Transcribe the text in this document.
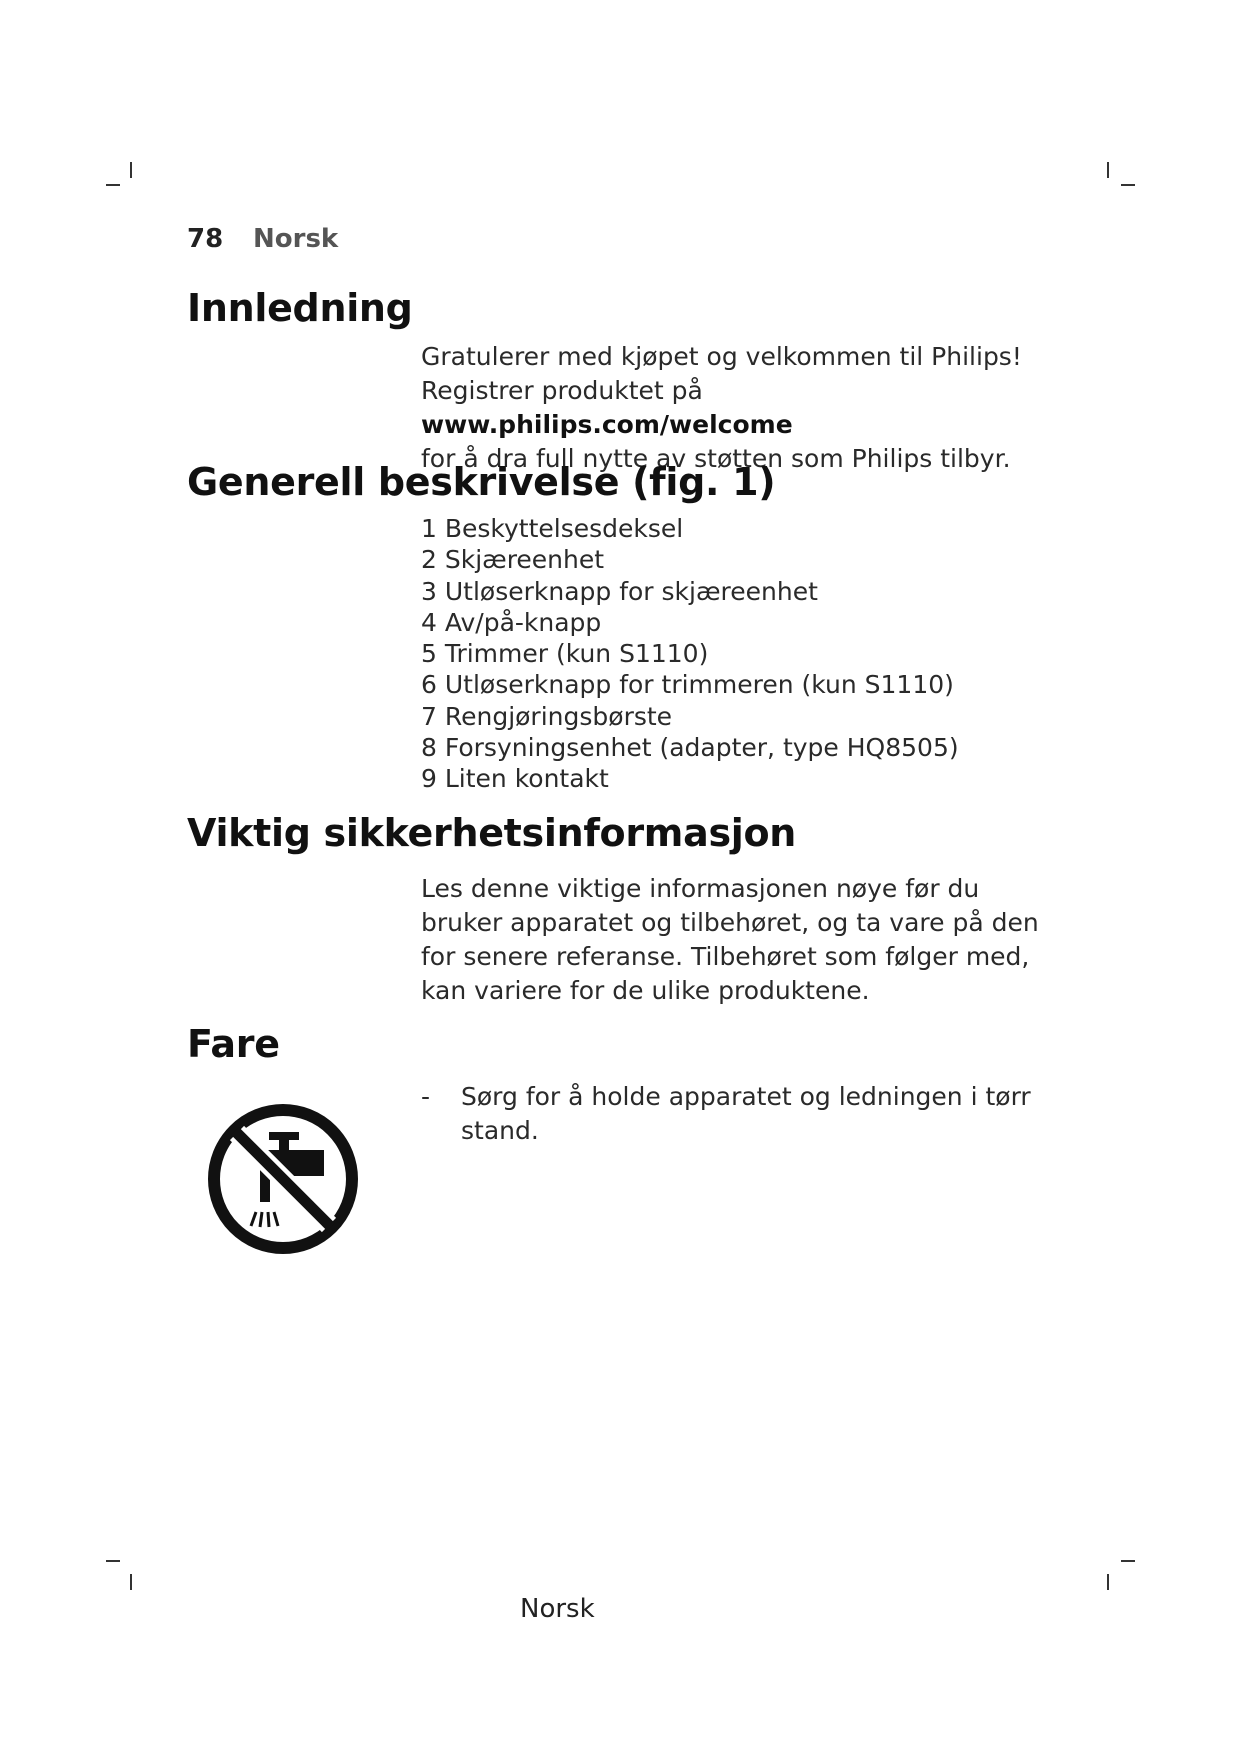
78 Norsk
Innledning
Gratulerer med kjøpet og velkommen til Philips!
Registrer produktet på www.philips.com/welcome
for å dra full nytte av støtten som Philips tilbyr.
Generell beskrivelse (fig. 1)
1 Beskyttelsesdeksel
2 Skjæreenhet
3 Utløserknapp for skjæreenhet
4 Av/på-knapp
5 Trimmer (kun S1110)
6 Utløserknapp for trimmeren (kun S1110)
7 Rengjøringsbørste
8 Forsyningsenhet (adapter, type HQ8505)
9 Liten kontakt
Viktig sikkerhetsinformasjon
Les denne viktige informasjonen nøye før du bruker apparatet og tilbehøret, og ta vare på den for senere referanse. Tilbehøret som følger med, kan variere for de ulike produktene.
Fare
- Sørg for å holde apparatet og ledningen i tørr stand.
Norsk
